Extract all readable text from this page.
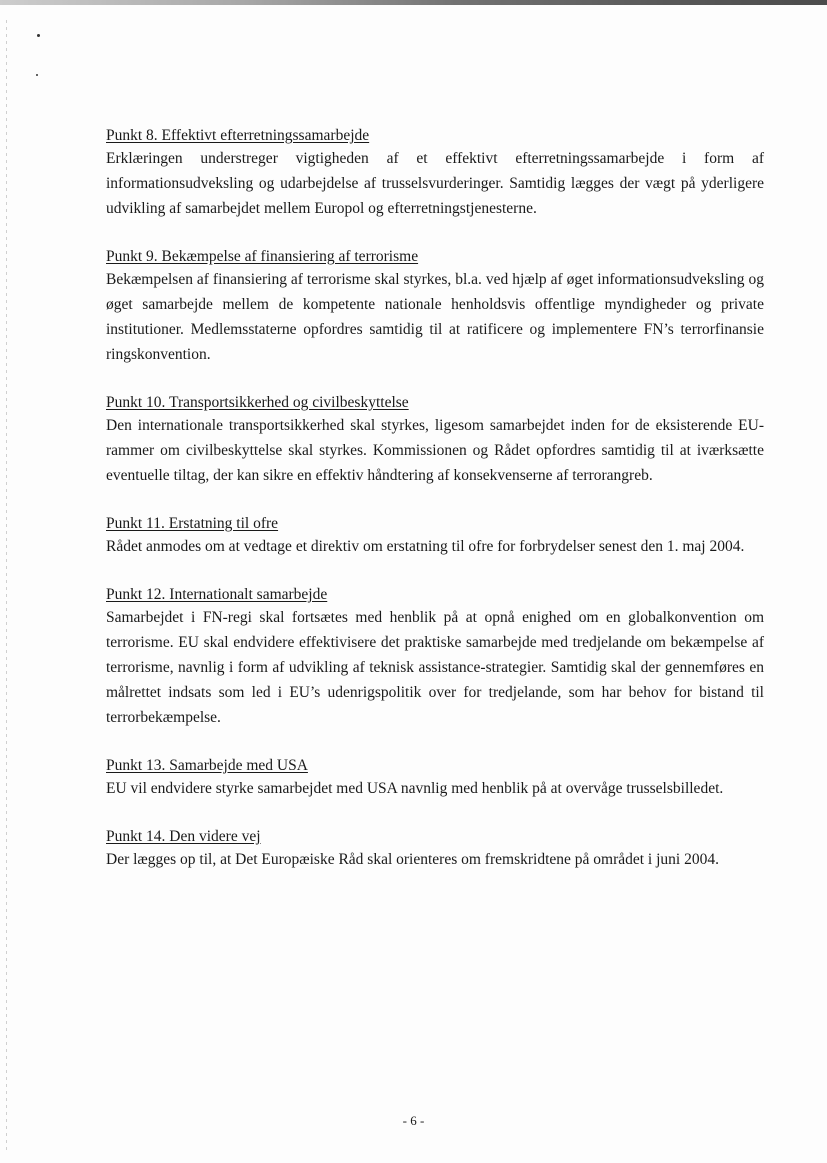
Punkt 8. Effektivt efterretningssamarbejde

Erklæringen understreger vigtigheden af et effektivt efterretningssamarbejde i form af informationsudveksling og udarbejdelse af trusselsvurderinger. Samtidig lægges der vægt på yderligere udvikling af samarbejdet mellem Europol og efterretningstjenesterne.

Punkt 9. Bekæmpelse af finansiering af terrorisme

Bekæmpelsen af finansiering af terrorisme skal styrkes, bl.a. ved hjælp af øget informationsudveksling og øget samarbejde mellem de kompetente nationale henholdsvis offentlige myndigheder og private institutioner. Medlemsstaterne opfordres samtidig til at ratificere og implementere FN’s terrorfinansie ringskonvention.

Punkt 10. Transportsikkerhed og civilbeskyttelse

Den internationale transportsikkerhed skal styrkes, ligesom samarbejdet inden for de eksisterende EU-rammer om civilbeskyttelse skal styrkes. Kommissionen og Rådet opfordres samtidig til at iværksætte eventuelle tiltag, der kan sikre en effektiv håndtering af konsekvenserne af terrorangreb.

Punkt 11. Erstatning til ofre

Rådet anmodes om at vedtage et direktiv om erstatning til ofre for forbrydelser senest den 1. maj 2004.

Punkt 12. Internationalt samarbejde

Samarbejdet i FN-regi skal fortsætes med henblik på at opnå enighed om en globalkonvention om terrorisme. EU skal endvidere effektivisere det praktiske samarbejde med tredjelande om bekæmpelse af terrorisme, navnlig i form af udvikling af teknisk assistance-strategier. Samtidig skal der gennemføres en målrettet indsats som led i EU’s udenrigspolitik over for tredjelande, som har behov for bistand til terrorbekæmpelse.

Punkt 13. Samarbejde med USA

EU vil endvidere styrke samarbejdet med USA navnlig med henblik på at overvåge trusselsbilledet.

Punkt 14. Den videre vej

Der lægges op til, at Det Europæiske Råd skal orienteres om fremskridtene på området i juni 2004.

- 6 -
